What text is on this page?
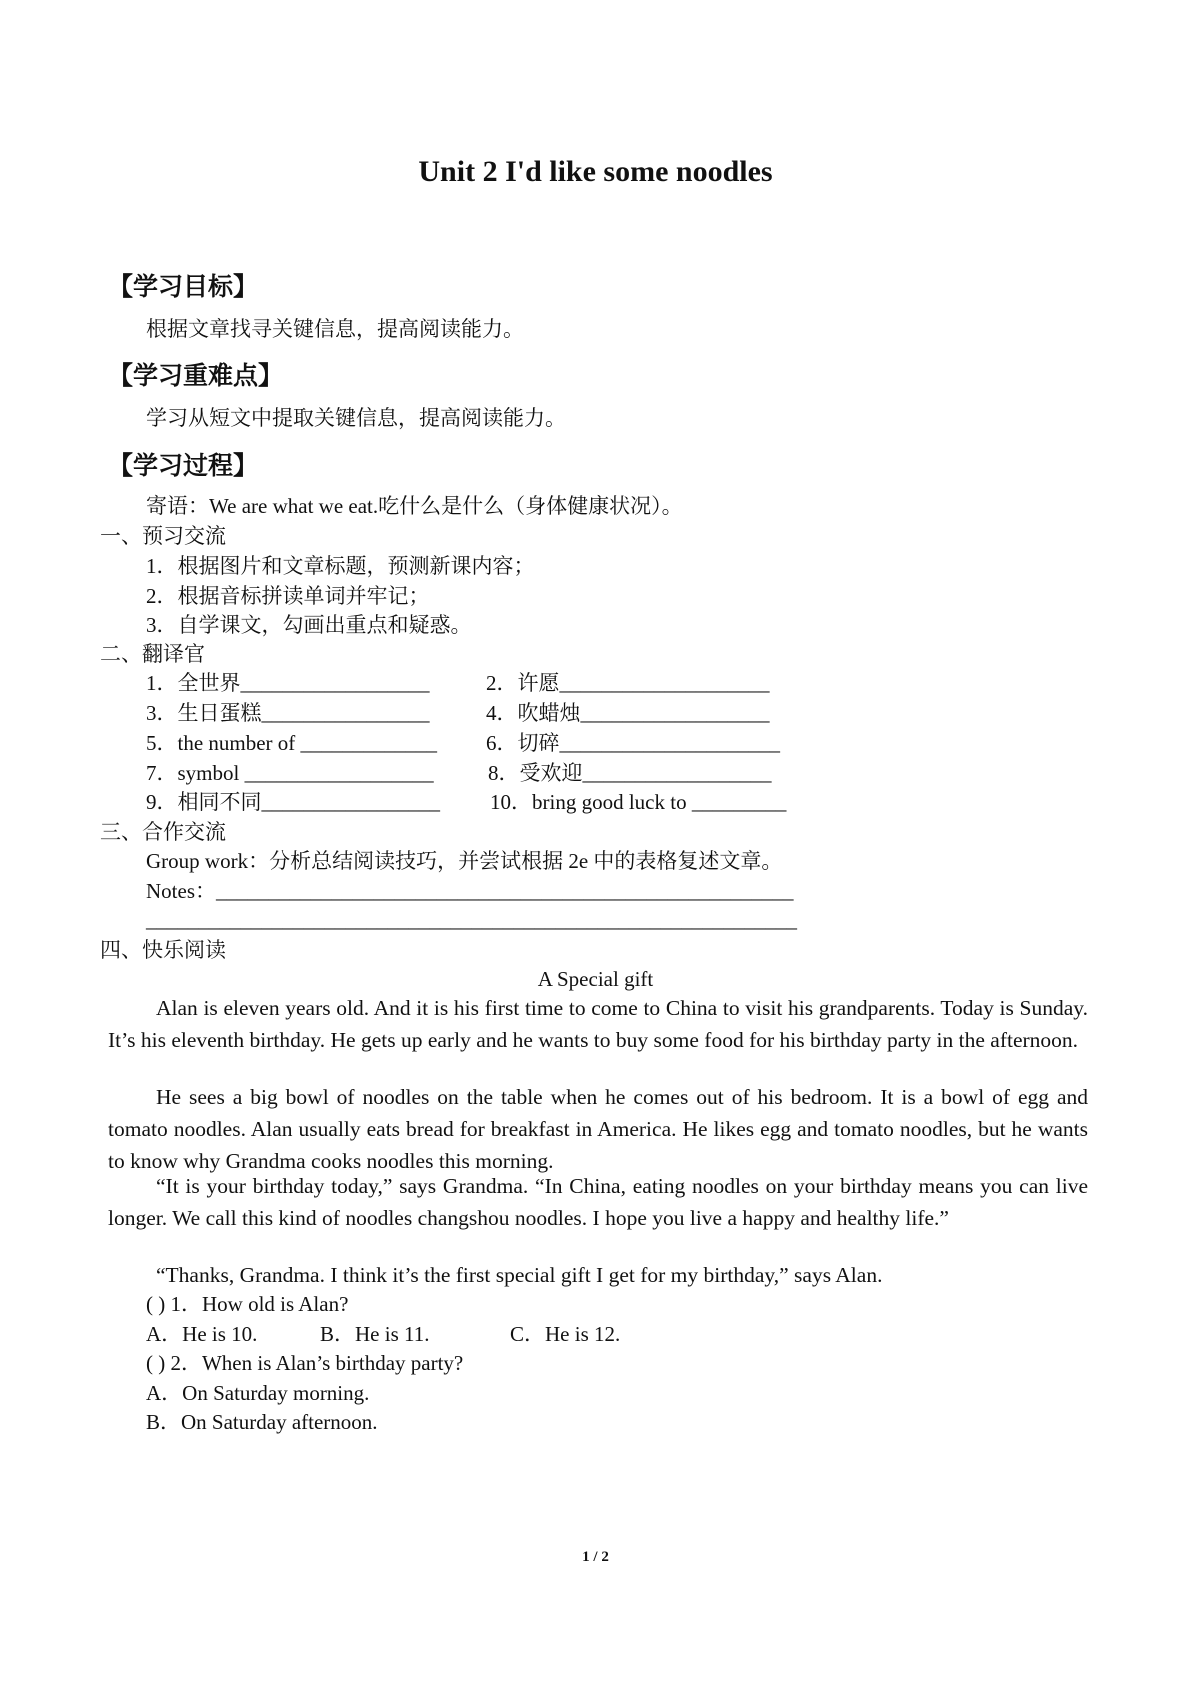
Unit 2 I'd like some noodles
【学习目标】
根据文章找寻关键信息，提高阅读能力。
【学习重难点】
学习从短文中提取关键信息，提高阅读能力。
【学习过程】
寄语：We are what we eat.吃什么是什么（身体健康状况）。
一、预习交流
1．根据图片和文章标题，预测新课内容；
2．根据音标拼读单词并牢记；
3．自学课文，勾画出重点和疑惑。
二、翻译官
1．全世界__________________	2．许愿____________________
3．生日蛋糕________________	4．吹蜡烛__________________
5．the number of _____________ 6．切碎_____________________
7．symbol __________________	8．受欢迎__________________
9．相同不同_________________ 10．bring good luck to _________
三、合作交流
Group work：分析总结阅读技巧，并尝试根据 2e 中的表格复述文章。
Notes：_______________________________________________________
______________________________________________________________
四、快乐阅读
A Special gift
Alan is eleven years old. And it is his first time to come to China to visit his grandparents. Today is Sunday. It’s his eleventh birthday. He gets up early and he wants to buy some food for his birthday party in the afternoon.
He sees a big bowl of noodles on the table when he comes out of his bedroom. It is a bowl of egg and tomato noodles. Alan usually eats bread for breakfast in America. He likes egg and tomato noodles, but he wants to know why Grandma cooks noodles this morning.
“It is your birthday today,” says Grandma. “In China, eating noodles on your birthday means you can live longer. We call this kind of noodles changshou noodles. I hope you live a happy and healthy life.”
“Thanks, Grandma. I think it’s the first special gift I get for my birthday,” says Alan.
( ) 1．How old is Alan?
A．He is 10.	B．He is 11.	C．He is 12.
( ) 2．When is Alan’s birthday party?
A．On Saturday morning.
B．On Saturday afternoon.
1 / 2
